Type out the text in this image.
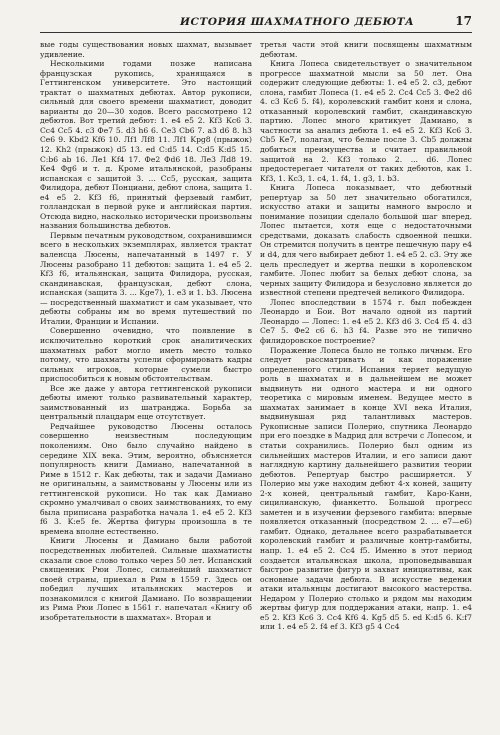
ИСТОРИЯ ШАХМАТНОГО ДЕБЮТА	17

вые годы существования новых шахмат, вызывает удивление.

Несколькими годами позже написана французская рукопись, хранящаяся в Геттингенском университете. Это настоящий трактат о шахматных дебютах. Автор рукописи, сильный для своего времени шахматист, доводит варианты до 20—30 ходов. Всего рассмотрено 12 дебютов. Вот третий дебют: 1. e4 e5 2. Kf3 Кс6 3. Сс4 Сс5 4. c3 Фе7 5. d3 h6 6. Се3 Сb6 7. а3 d6 8. h3 Се6 9. Kbd2 Kf6 10. Лf1 Лf8 11. Лf1 Kpg8 (прыжок) 12. Kh2 (прыжок) d5 13. ed C:d5 14. C:d5 K:d5 15. C:b6 ab 16. Лe1 Kf4 17. Фе2 Фd6 18. Ле3 Лd8 19. Ке4 Фg6 и т. д. Кроме итальянской, разобраны испанская с защитой 3. ... Сс5, русская, защита Филидора, дебют Понциани, дебют слона, защита 1. e4 e5 2. Kf3 f6, принятый ферзевый гамбит, голландская в первой руке и английская партия. Отсюда видно, насколько исторически произвольны названия большинства дебютов.

Первым печатным руководством, сохранившимся всего в нескольких экземплярах, является трактат валенсца Люсены, напечатанный в 1497 г. У Люсены разобрано 11 дебютов: защита 1. e4 e5 2. Kf3 f6, итальянская, защита Филидора, русская, скандинавская, французская, дебют слона, испанская (защита 3. ... Kge7), 1. e3 и 1. b3. Люсена — посредственный шахматист и сам указывает, что дебюты собраны им во время путешествий по Италии, Франции и Испании.

Совершенно очевидно, что появление в исключительно короткий срок аналитических шахматных работ могло иметь место только потому, что шахматы успели сформировать кадры сильных игроков, которые сумели быстро приспособиться к новым обстоятельствам.

Все же даже у автора геттингенской рукописи дебюты имеют только развивательный характер, заимствованный из шатранджа. Борьба за центральный плацдарм еще отсутствует.

Редчайшее руководство Люсены осталось совершенно неизвестным последующим поколениям. Оно было случайно найдено в середине XIX века. Этим, вероятно, объясняется популярность книги Дамиано, напечатанной в Риме в 1512 г. Как дебюты, так и задачи Дамиано не оригинальны, а заимствованы у Люсены или из геттингенской рукописи. Но так как Дамиано скромно умалчивал о своих заимствованиях, то ему была приписана разработка начала 1. e4 e5 2. Kf3 f6 3. K:e5 fe. Жертва фигуры произошла в те времена вполне естественно.

Книги Люсены и Дамиано были работой посредственных любителей. Сильные шахматисты сказали свое слово только через 50 лет. Испанский священник Рюи Лопес, сильнейший шахматист своей страны, приехал в Рим в 1559 г. Здесь он победил лучших итальянских мастеров и познакомился с книгой Дамиано. По возвращении из Рима Рюи Лопес в 1561 г. напечатал «Книгу об изобретательности в шахматах». Вторая и

третья части этой книги посвящены шахматным дебютам.

Книга Лопеса свидетельствует о значительном прогрессе шахматной мысли за 50 лет. Она содержит следующие дебюты: 1. e4 e5 2. c3, дебют слона, гамбит Лопеса (1. e4 e5 2. Сс4 Сс5 3. Фе2 d6 4. c3 Кс6 5. f4), королевский гамбит коня и слона, отказанный королевский гамбит, скандинавскую партию. Лопес много критикует Дамиано, в частности за анализ дебюта 1. e4 e5 2. Kf3 Кс6 3. Сb5 Ке7, полагая, что белые после 3. Сb5 должны добиться преимущества и считает правильной защитой на 2. Kf3 только 2. ... d6. Лопес предостерегает читателя от таких дебютов, как 1. Kf3, 1. Кс3, 1. c4, 1. f4, 1. g3, 1. b3.

Книга Лопеса показывает, что дебютный репертуар за 50 лет значительно обогатился, искусство атаки и защиты намного выросло и понимание позиции сделало большой шаг вперед. Лопес пытается, хотя еще с недостаточными средствами, доказать слабость сдвоенной пешки. Он стремится получить в центре пешечную пару e4 и d4, для чего выбирает дебют 1. e4 e5 2. c3. Эту же цель преследует и жертва пешки в королевском гамбите. Лопес любит за белых дебют слона, за черных защиту Филидора и безусловно является до известной степени предтечей великого Филидора.

Лопес впоследствии в 1574 г. был побежден Леонардо и Бои. Вот начало одной из партий Леонардо — Лопес: 1. e4 e5 2. Kf3 d6 3. Сс4 f5 4. d3 Се7 5. Фе2 c6 6. h3 f4. Разве это не типично филидоровское построение?

Поражение Лопеса было не только личным. Его следует рассматривать и как поражение определенного стиля. Испания теряет ведущую роль в шахматах и в дальнейшем не может выдвинуть ни одного мастера и ни одного теоретика с мировым именем. Ведущее место в шахматах занимает в конце XVI века Италия, выдвинувшая ряд талантливых мастеров. Рукописные записи Полерио, спутника Леонардо при его поездке в Мадрид для встречи с Лопесом, и статьи сохранились. Полерио был одним из сильнейших мастеров Италии, и его записи дают наглядную картину дальнейшего развития теории дебютов. Репертуар быстро расширяется. У Полерио мы уже находим дебют 4-х коней, защиту 2-х коней, центральный гамбит, Каро-Канн, сицилианскую, фианкетто. Большой прогресс заметен и в изучении ферзевого гамбита: впервые появляется отказанный (посредством 2. ... e7—e6) гамбит. Однако, детальнее всего разрабатывается королевский гамбит и различные контр-гамбиты, напр. 1. e4 e5 2. Сс4 f5. Именно в этот период создается итальянская школа, проповедывавшая быстрое развитие фигур и захват инициативы, как основные задачи дебюта. В искусстве ведения атаки итальянцы достигают высокого мастерства. Недаром у Полерио столько и рядом мы находим жертвы фигур для поддержания атаки, напр. 1. e4 e5 2. Kf3 Кс6 3. Сс4 Кf6 4. Kg5 d5 5. ed K:d5 6. K:f7 или 1. e4 e5 2. f4 ef 3. Kf3 g5 4 Сс4
